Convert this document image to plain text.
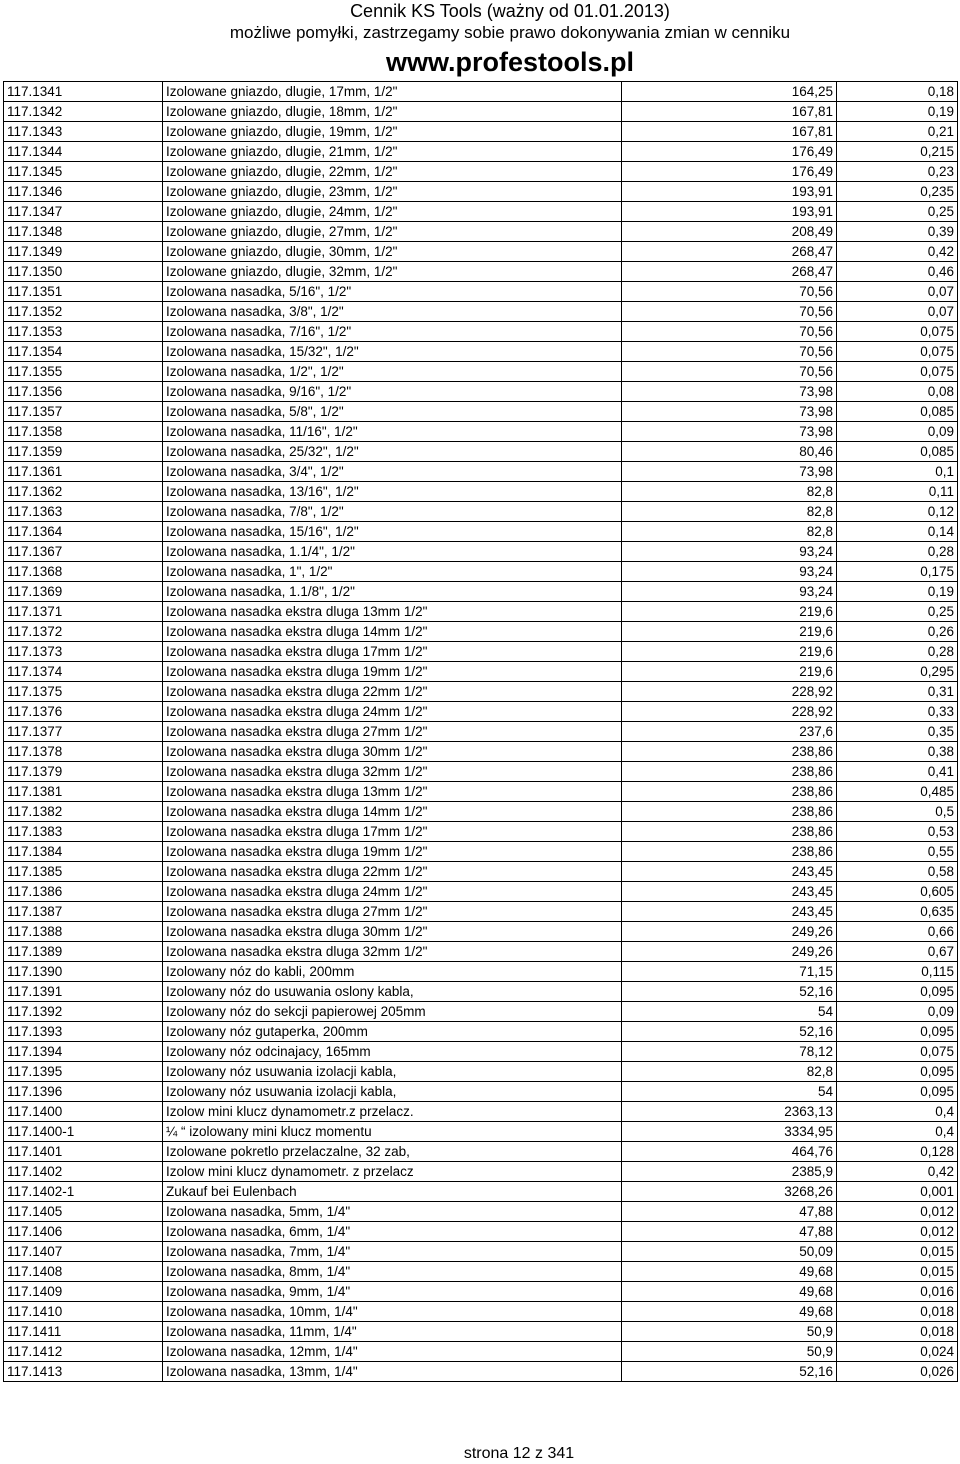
Cennik KS Tools (ważny od 01.01.2013)
możliwe pomyłki, zastrzegamy sobie prawo dokonywania zmian w cenniku
www.profestools.pl
117.1341	Izolowane gniazdo, dlugie, 17mm, 1/2"	164,25	0,18
117.1342	Izolowane gniazdo, dlugie, 18mm, 1/2"	167,81	0,19
117.1343	Izolowane gniazdo, dlugie, 19mm, 1/2"	167,81	0,21
117.1344	Izolowane gniazdo, dlugie, 21mm, 1/2"	176,49	0,215
117.1345	Izolowane gniazdo, dlugie, 22mm, 1/2"	176,49	0,23
117.1346	Izolowane gniazdo, dlugie, 23mm, 1/2"	193,91	0,235
117.1347	Izolowane gniazdo, dlugie, 24mm, 1/2"	193,91	0,25
117.1348	Izolowane gniazdo, dlugie, 27mm, 1/2"	208,49	0,39
117.1349	Izolowane gniazdo, dlugie, 30mm, 1/2"	268,47	0,42
117.1350	Izolowane gniazdo, dlugie, 32mm, 1/2"	268,47	0,46
117.1351	Izolowana nasadka, 5/16", 1/2"	70,56	0,07
117.1352	Izolowana nasadka, 3/8", 1/2"	70,56	0,07
117.1353	Izolowana nasadka, 7/16", 1/2"	70,56	0,075
117.1354	Izolowana nasadka, 15/32", 1/2"	70,56	0,075
117.1355	Izolowana nasadka, 1/2", 1/2"	70,56	0,075
117.1356	Izolowana nasadka, 9/16", 1/2"	73,98	0,08
117.1357	Izolowana nasadka, 5/8", 1/2"	73,98	0,085
117.1358	Izolowana nasadka, 11/16", 1/2"	73,98	0,09
117.1359	Izolowana nasadka, 25/32", 1/2"	80,46	0,085
117.1361	Izolowana nasadka, 3/4", 1/2"	73,98	0,1
117.1362	Izolowana nasadka, 13/16", 1/2"	82,8	0,11
117.1363	Izolowana nasadka, 7/8", 1/2"	82,8	0,12
117.1364	Izolowana nasadka, 15/16", 1/2"	82,8	0,14
117.1367	Izolowana nasadka, 1.1/4", 1/2"	93,24	0,28
117.1368	Izolowana nasadka, 1", 1/2"	93,24	0,175
117.1369	Izolowana nasadka, 1.1/8", 1/2"	93,24	0,19
117.1371	Izolowana nasadka ekstra dluga 13mm 1/2"	219,6	0,25
117.1372	Izolowana nasadka ekstra dluga 14mm 1/2"	219,6	0,26
117.1373	Izolowana nasadka ekstra dluga 17mm 1/2"	219,6	0,28
117.1374	Izolowana nasadka ekstra dluga 19mm 1/2"	219,6	0,295
117.1375	Izolowana nasadka ekstra dluga 22mm 1/2"	228,92	0,31
117.1376	Izolowana nasadka ekstra dluga 24mm 1/2"	228,92	0,33
117.1377	Izolowana nasadka ekstra dluga 27mm 1/2"	237,6	0,35
117.1378	Izolowana nasadka ekstra dluga 30mm 1/2"	238,86	0,38
117.1379	Izolowana nasadka ekstra dluga 32mm 1/2"	238,86	0,41
117.1381	Izolowana nasadka ekstra dluga 13mm 1/2"	238,86	0,485
117.1382	Izolowana nasadka ekstra dluga 14mm 1/2"	238,86	0,5
117.1383	Izolowana nasadka ekstra dluga 17mm 1/2"	238,86	0,53
117.1384	Izolowana nasadka ekstra dluga 19mm 1/2"	238,86	0,55
117.1385	Izolowana nasadka ekstra dluga 22mm 1/2"	243,45	0,58
117.1386	Izolowana nasadka ekstra dluga 24mm 1/2"	243,45	0,605
117.1387	Izolowana nasadka ekstra dluga 27mm 1/2"	243,45	0,635
117.1388	Izolowana nasadka ekstra dluga 30mm 1/2"	249,26	0,66
117.1389	Izolowana nasadka ekstra dluga 32mm 1/2"	249,26	0,67
117.1390	Izolowany nóz do kabli, 200mm	71,15	0,115
117.1391	Izolowany nóz do usuwania oslony kabla,	52,16	0,095
117.1392	Izolowany nóz do sekcji papierowej 205mm	54	0,09
117.1393	Izolowany nóz gutaperka, 200mm	52,16	0,095
117.1394	Izolowany nóz odcinajacy, 165mm	78,12	0,075
117.1395	Izolowany nóz usuwania izolacji kabla,	82,8	0,095
117.1396	Izolowany nóz usuwania izolacji kabla,	54	0,095
117.1400	Izolow mini klucz dynamometr.z przelacz.	2363,13	0,4
117.1400-1	¼ “ izolowany mini klucz momentu	3334,95	0,4
117.1401	Izolowane pokretlo przelaczalne, 32 zab,	464,76	0,128
117.1402	Izolow mini klucz dynamometr. z przelacz	2385,9	0,42
117.1402-1	Zukauf bei Eulenbach	3268,26	0,001
117.1405	Izolowana nasadka, 5mm, 1/4"	47,88	0,012
117.1406	Izolowana nasadka, 6mm, 1/4"	47,88	0,012
117.1407	Izolowana nasadka, 7mm, 1/4"	50,09	0,015
117.1408	Izolowana nasadka, 8mm, 1/4"	49,68	0,015
117.1409	Izolowana nasadka, 9mm, 1/4"	49,68	0,016
117.1410	Izolowana nasadka, 10mm, 1/4"	49,68	0,018
117.1411	Izolowana nasadka, 11mm, 1/4"	50,9	0,018
117.1412	Izolowana nasadka, 12mm, 1/4"	50,9	0,024
117.1413	Izolowana nasadka, 13mm, 1/4"	52,16	0,026
strona 12 z 341
